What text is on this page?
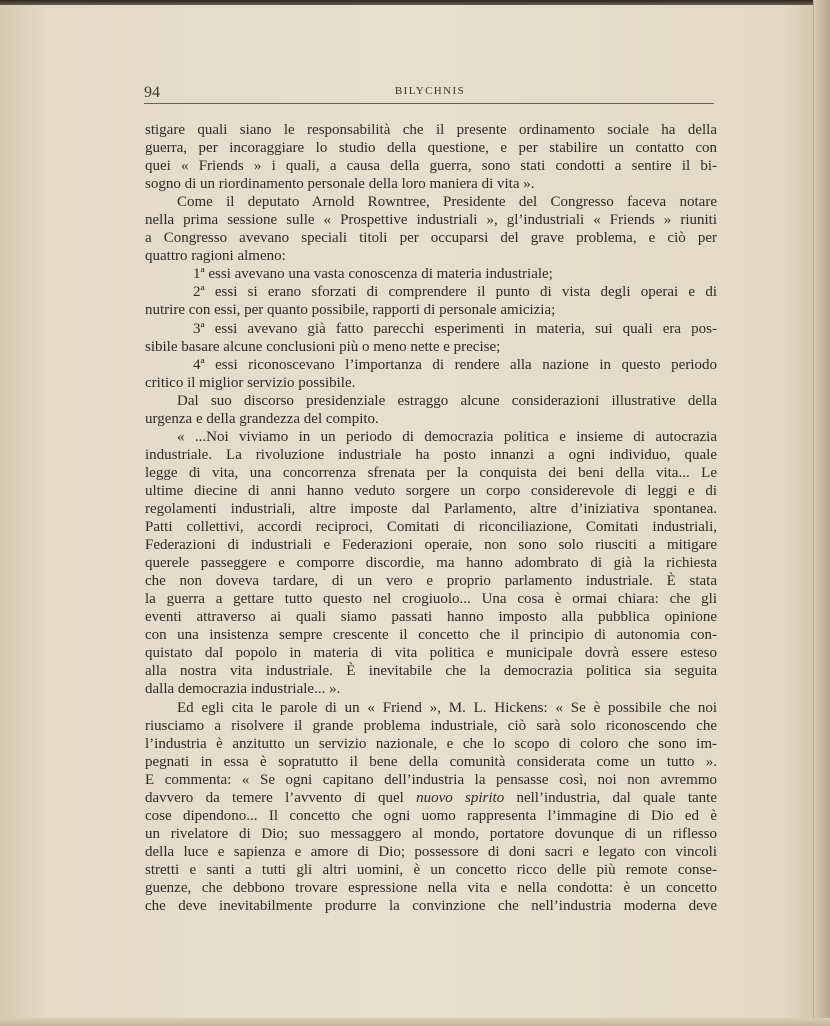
94	BILYCHNIS
stigare quali siano le responsabilità che il presente ordinamento sociale ha della
guerra, per incoraggiare lo studio della questione, e per stabilire un contatto con
quei « Friends » i quali, a causa della guerra, sono stati condotti a sentire il bi-
sogno di un riordinamento personale della loro maniera di vita ».
Come il deputato Arnold Rowntree, Presidente del Congresso faceva notare
nella prima sessione sulle « Prospettive industriali », gl’industriali « Friends » riuniti
a Congresso avevano speciali titoli per occuparsi del grave problema, e ciò per
quattro ragioni almeno:
1ª essi avevano una vasta conoscenza di materia industriale;
2ª essi si erano sforzati di comprendere il punto di vista degli operai e di
nutrire con essi, per quanto possibile, rapporti di personale amicizia;
3ª essi avevano già fatto parecchi esperimenti in materia, sui quali era pos-
sibile basare alcune conclusioni più o meno nette e precise;
4ª essi riconoscevano l’importanza di rendere alla nazione in questo periodo
critico il miglior servizio possibile.
Dal suo discorso presidenziale estraggo alcune considerazioni illustrative della
urgenza e della grandezza del compito.
« ...Noi viviamo in un periodo di democrazia politica e insieme di autocrazia
industriale. La rivoluzione industriale ha posto innanzi a ogni individuo, quale
legge di vita, una concorrenza sfrenata per la conquista dei beni della vita... Le
ultime diecine di anni hanno veduto sorgere un corpo considerevole di leggi e di
regolamenti industriali, altre imposte dal Parlamento, altre d’iniziativa spontanea.
Patti collettivi, accordi reciproci, Comitati di riconciliazione, Comitati industriali,
Federazioni di industriali e Federazioni operaie, non sono solo riusciti a mitigare
querele passeggere e comporre discordie, ma hanno adombrato di già la richiesta
che non doveva tardare, di un vero e proprio parlamento industriale. È stata
la guerra a gettare tutto questo nel crogiuolo... Una cosa è ormai chiara: che gli
eventi attraverso ai quali siamo passati hanno imposto alla pubblica opinione
con una insistenza sempre crescente il concetto che il principio di autonomia con-
quistato dal popolo in materia di vita politica e municipale dovrà essere esteso
alla nostra vita industriale. È inevitabile che la democrazia politica sia seguita
dalla democrazia industriale... ».
Ed egli cita le parole di un « Friend », M. L. Hickens: « Se è possibile che noi
riusciamo a risolvere il grande problema industriale, ciò sarà solo riconoscendo che
l’industria è anzitutto un servizio nazionale, e che lo scopo di coloro che sono im-
pegnati in essa è sopratutto il bene della comunità considerata come un tutto ».
E commenta: « Se ogni capitano dell’industria la pensasse così, noi non avremmo
davvero da temere l’avvento di quel nuovo spirito nell’industria, dal quale tante
cose dipendono... Il concetto che ogni uomo rappresenta l’immagine di Dio ed è
un rivelatore di Dio; suo messaggero al mondo, portatore dovunque di un riflesso
della luce e sapienza e amore di Dio; possessore di doni sacri e legato con vincoli
stretti e santi a tutti gli altri uomini, è un concetto ricco delle più remote conse-
guenze, che debbono trovare espressione nella vita e nella condotta: è un concetto
che deve inevitabilmente produrre la convinzione che nell’industria moderna deve
